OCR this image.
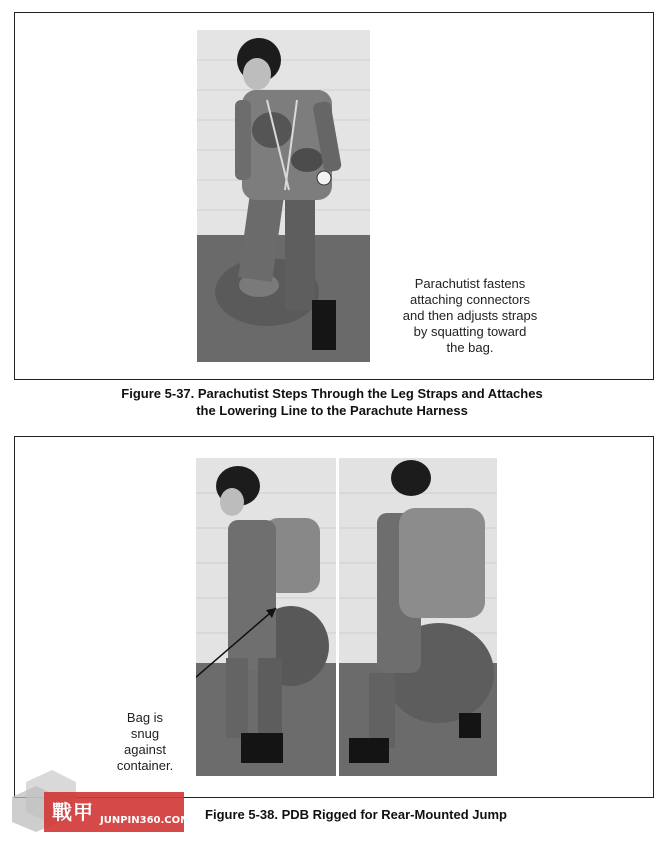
Parachutist fastens
attaching connectors
and then adjusts straps
by squatting toward
the bag.
Figure 5-37. Parachutist Steps Through the Leg Straps and Attaches
the Lowering Line to the Parachute Harness
Bag is
snug
against
container.
Figure 5-38. PDB Rigged for Rear-Mounted Jump
戰甲 JUNPIN360.COM
